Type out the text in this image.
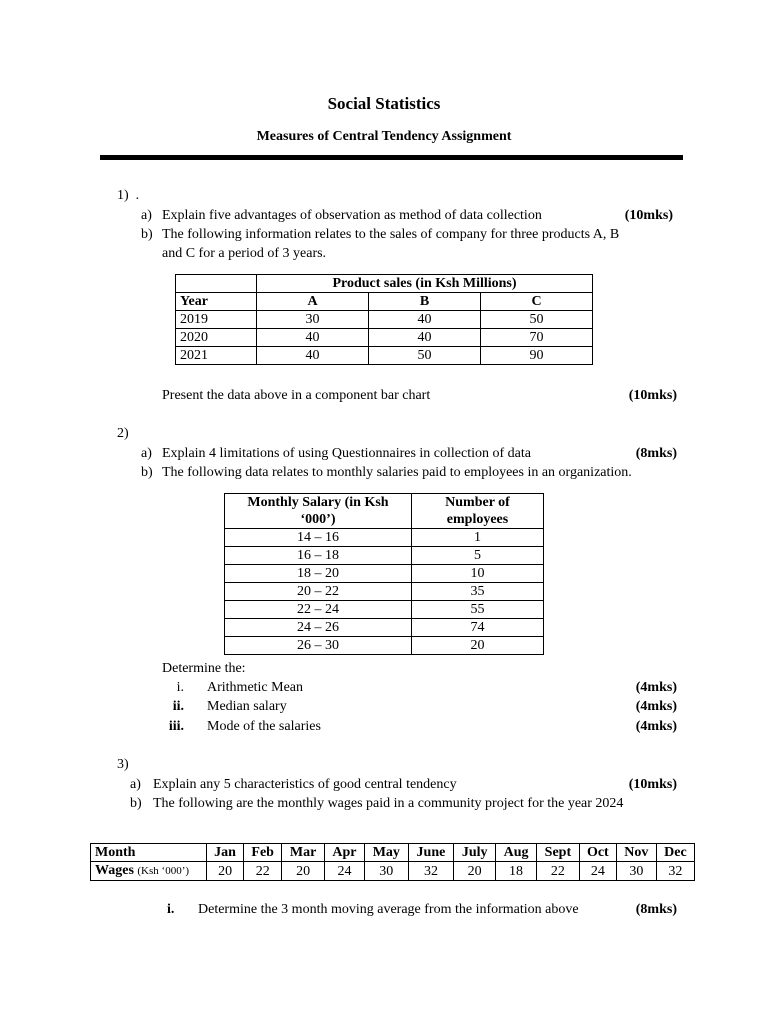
Social Statistics
Measures of Central Tendency Assignment
1) .
a) Explain five advantages of observation as method of data collection	(10mks)
b) The following information relates to the sales of company for three products A, B
and C for a period of 3 years.
	Product sales (in Ksh Millions)		
Year	A	B	C
2019	30	40	50
2020	40	40	70
2021	40	50	90
Present the data above in a component bar chart	(10mks)
2)
a) Explain 4 limitations of using Questionnaires in collection of data	(8mks)
b) The following data relates to monthly salaries paid to employees in an organization.
Monthly Salary (in Ksh
‘000’)	Number of
employees
14 – 16	1
16 – 18	5
18 – 20	10
20 – 22	35
22 – 24	55
24 – 26	74
26 – 30	20
Determine the:
i. Arithmetic Mean	(4mks)
ii. Median salary	(4mks)
iii. Mode of the salaries	(4mks)
3)
a) Explain any 5 characteristics of good central tendency	(10mks)
b) The following are the monthly wages paid in a community project for the year 2024
Month	Jan	Feb	Mar	Apr	May	June	July	Aug	Sept	Oct	Nov	Dec
Wages (Ksh ‘000’)	20	22	20	24	30	32	20	18	22	24	30	32
i. Determine the 3 month moving average from the information above	(8mks)
